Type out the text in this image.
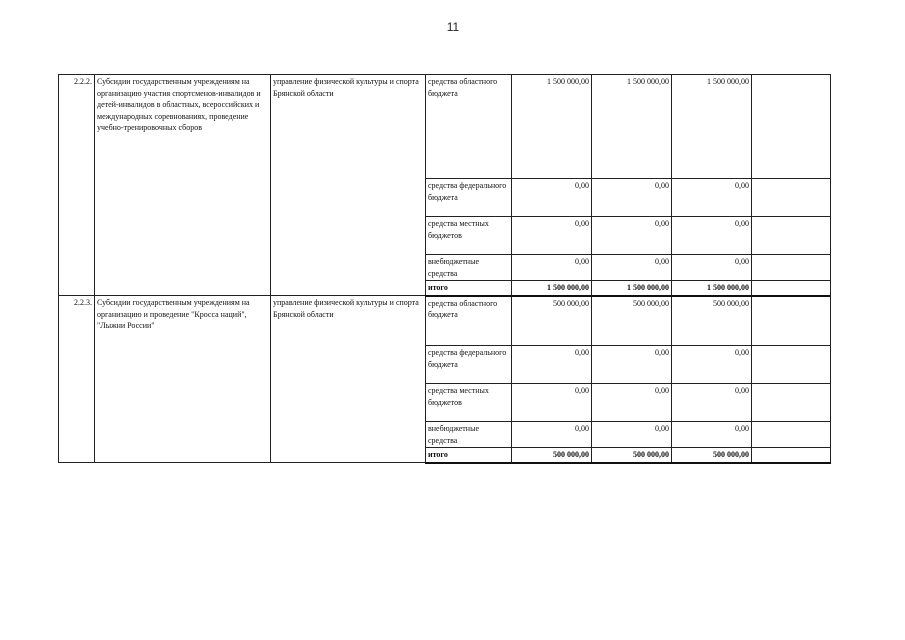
11
2.2.2.	Субсидии государственным учреждениям на организацию участия спортсменов-инвалидов и детей-инвалидов в областных, всероссийских и международных соревнованиях, проведение учебно-тренировочных сборов	управление физической культуры и спорта Брянской области	средства областного бюджета	1 500 000,00	1 500 000,00	1 500 000,00	
			средства федерального бюджета	0,00	0,00	0,00	
			средства местных бюджетов	0,00	0,00	0,00	
			внебюджетные средства	0,00	0,00	0,00	
			итого	1 500 000,00	1 500 000,00	1 500 000,00	
2.2.3.	Субсидии государственным учреждениям на организацию и проведение "Кросса наций", "Лыжни России"	управление физической культуры и спорта Брянской области	средства областного бюджета	500 000,00	500 000,00	500 000,00	
			средства федерального бюджета	0,00	0,00	0,00	
			средства местных бюджетов	0,00	0,00	0,00	
			внебюджетные средства	0,00	0,00	0,00	
			итого	500 000,00	500 000,00	500 000,00	
